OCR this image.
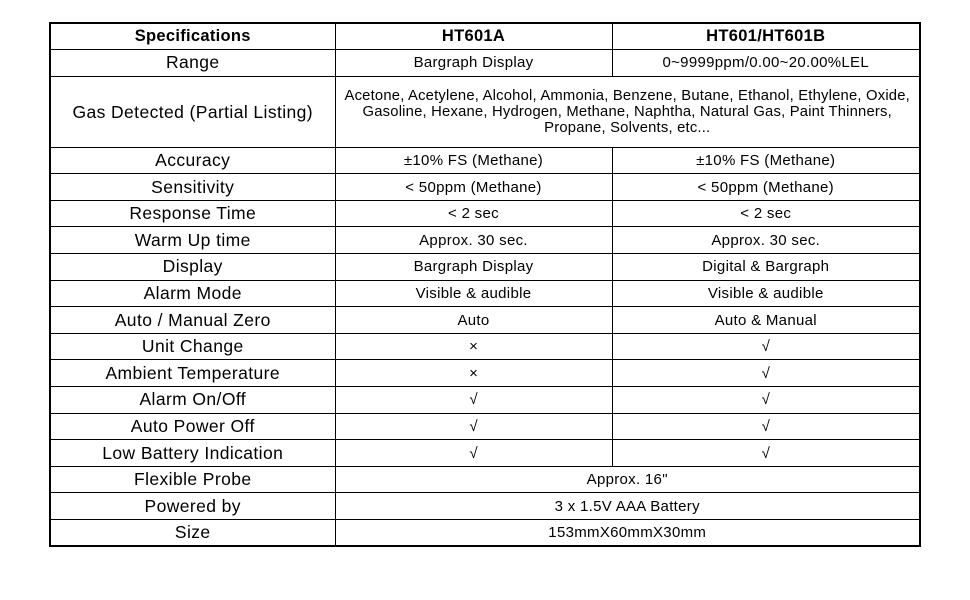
Specifications	HT601A	HT601/HT601B
Range	Bargraph Display	0~9999ppm/0.00~20.00%LEL
Gas Detected (Partial Listing)	Acetone, Acetylene, Alcohol, Ammonia, Benzene, Butane, Ethanol, Ethylene, Oxide, Gasoline, Hexane, Hydrogen, Methane, Naphtha, Natural Gas, Paint Thinners, Propane, Solvents, etc...	
Accuracy	±10% FS (Methane)	±10% FS (Methane)
Sensitivity	< 50ppm (Methane)	< 50ppm (Methane)
Response Time	< 2 sec	< 2 sec
Warm Up time	Approx. 30 sec.	Approx. 30 sec.
Display	Bargraph Display	Digital & Bargraph
Alarm Mode	Visible & audible	Visible & audible
Auto / Manual Zero	Auto	Auto & Manual
Unit Change	×	√
Ambient Temperature	×	√
Alarm On/Off	√	√
Auto Power Off	√	√
Low Battery Indication	√	√
Flexible Probe	Approx. 16"	
Powered by	3 x 1.5V AAA Battery	
Size	153mmX60mmX30mm	
